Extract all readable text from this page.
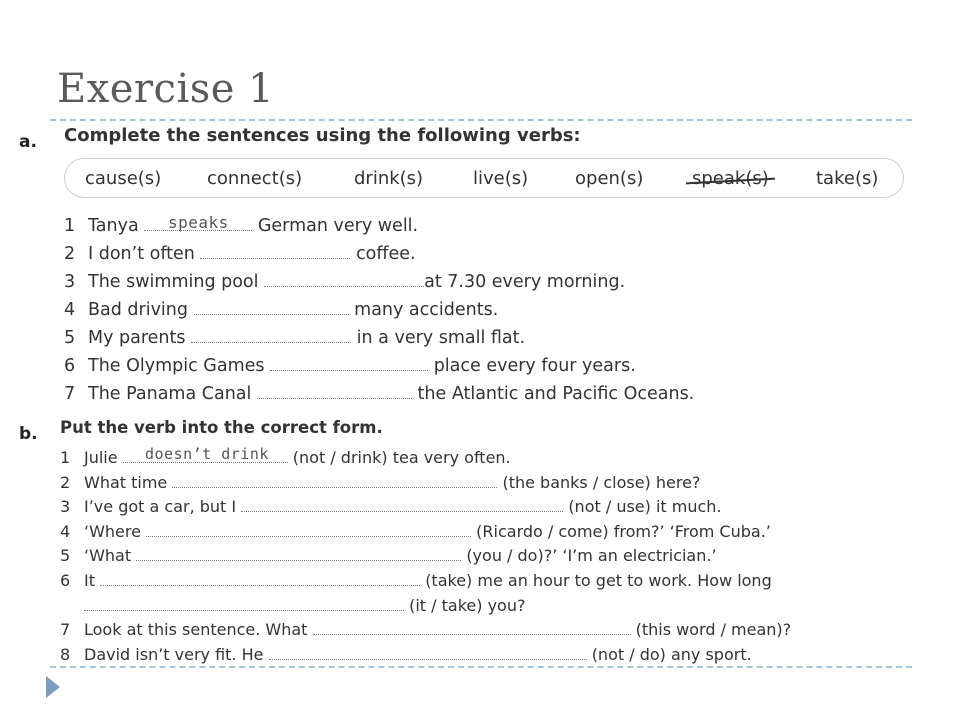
Exercise 1
a. Complete the sentences using the following verbs:
cause(s)	connect(s)	drink(s)	live(s)	open(s)	speak(s)	take(s)
1 Tanya	German very well.
speaks
2 I don’t often	coffee.
3 The swimming pool	at 7.30 every morning.
4 Bad driving	many accidents.
5 My parents	in a very small flat.
6 The Olympic Games	place every four years.
7 The Panama Canal	the Atlantic and Pacific Oceans.
b. Put the verb into the correct form.
1 Julie	(not / drink) tea very often.
doesn’t drink
2 What time	(the banks / close) here?
3 I’ve got a car, but I	(not / use) it much.
4 ‘Where	(Ricardo / come) from?’ ‘From Cuba.’
5 ‘What	(you / do)?’ ‘I’m an electrician.’
6 It	(take) me an hour to get to work. How long
(it / take) you?
7 Look at this sentence. What	(this word / mean)?
8 David isn’t very fit. He	(not / do) any sport.
